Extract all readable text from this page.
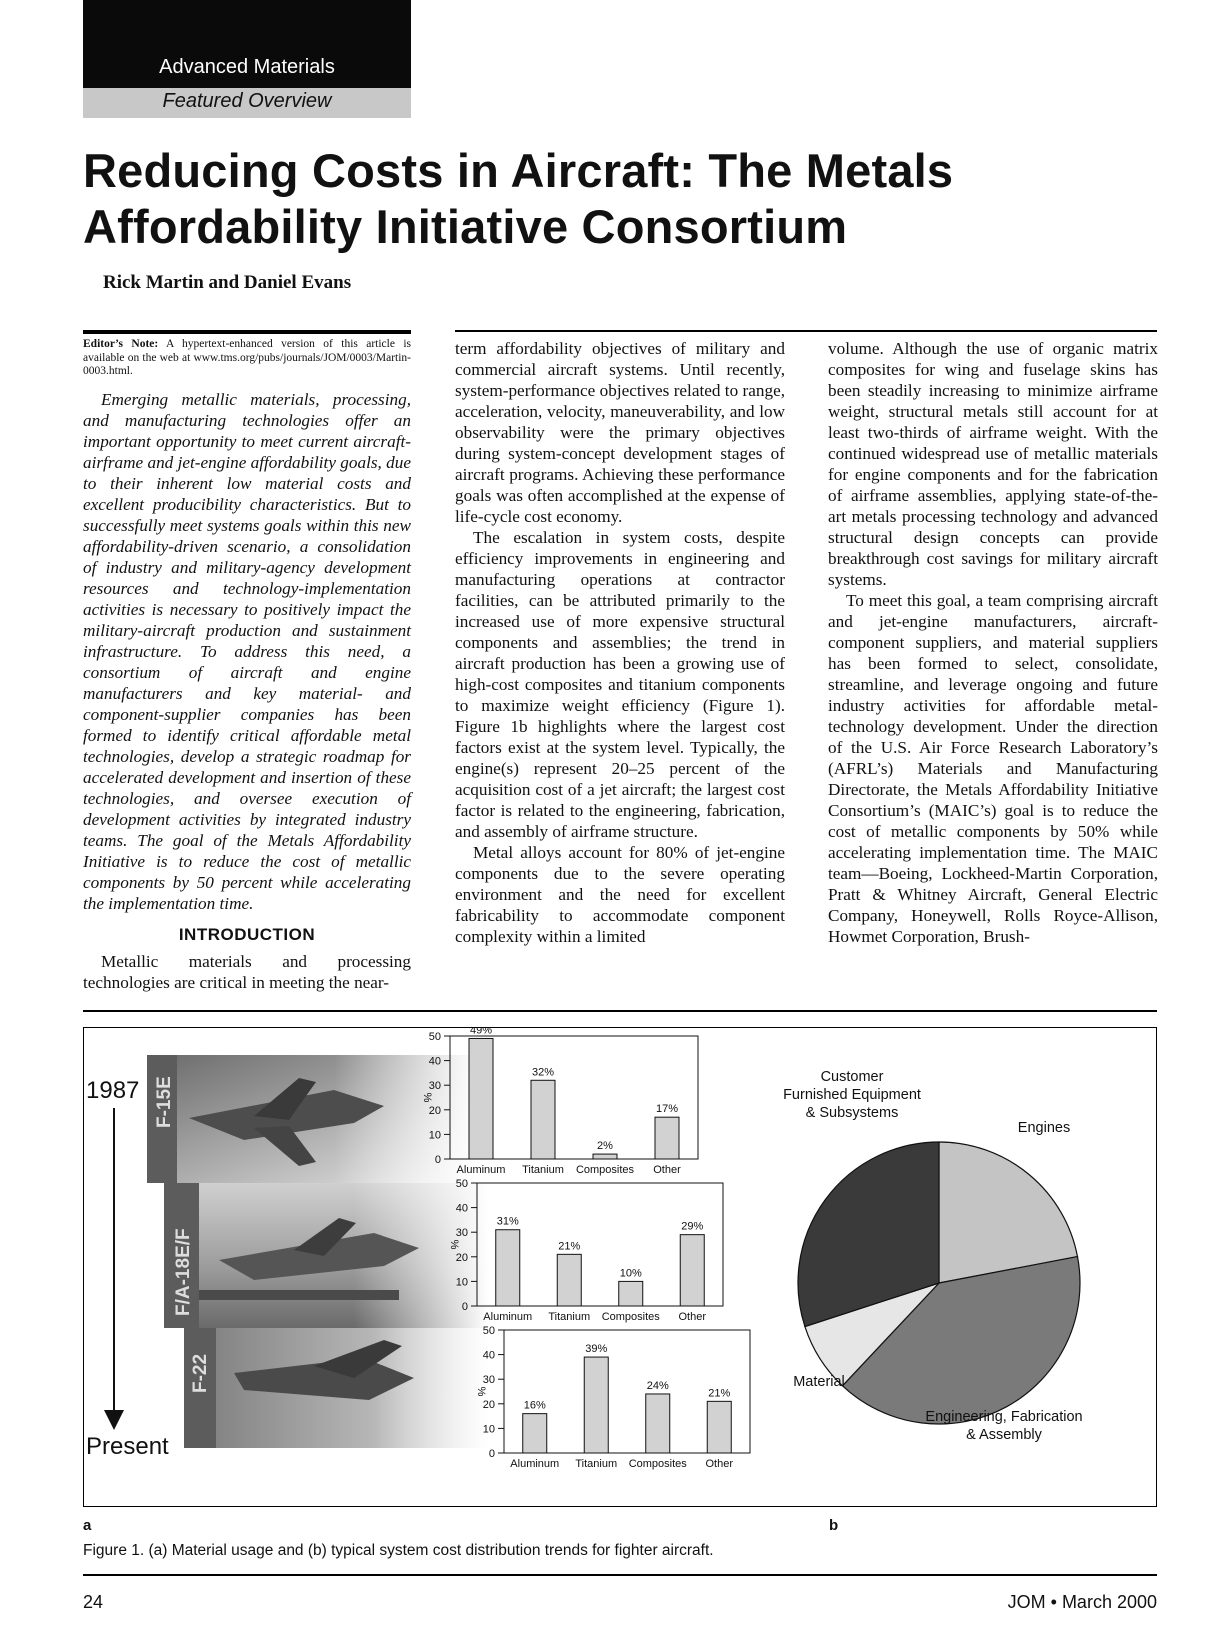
Advanced Materials
Featured Overview
Reducing Costs in Aircraft: The Metals Affordability Initiative Consortium
Rick Martin and Daniel Evans
Editor’s Note: A hypertext-enhanced version of this article is available on the web at www.tms.org/pubs/journals/JOM/0003/Martin-0003.html.

Emerging metallic materials, processing, and manufacturing technologies offer an important opportunity to meet current aircraft-airframe and jet-engine affordability goals, due to their inherent low material costs and excellent producibility characteristics. But to successfully meet systems goals within this new affordability-driven scenario, a consolidation of industry and military-agency development resources and technology-implementation activities is necessary to positively impact the military-aircraft production and sustainment infrastructure. To address this need, a consortium of aircraft and engine manufacturers and key material- and component-supplier companies has been formed to identify critical affordable metal technologies, develop a strategic roadmap for accelerated development and insertion of these technologies, and oversee execution of development activities by integrated industry teams. The goal of the Metals Affordability Initiative is to reduce the cost of metallic components by 50 percent while accelerating the implementation time.

INTRODUCTION

Metallic materials and processing technologies are critical in meeting the near-

term affordability objectives of military and commercial aircraft systems. Until recently, system-performance objectives related to range, acceleration, velocity, maneuverability, and low observability were the primary objectives during system-concept development stages of aircraft programs. Achieving these performance goals was often accomplished at the expense of life-cycle cost economy.

The escalation in system costs, despite efficiency improvements in engineering and manufacturing operations at contractor facilities, can be attributed primarily to the increased use of more expensive structural components and assemblies; the trend in aircraft production has been a growing use of high-cost composites and titanium components to maximize weight efficiency (Figure 1). Figure 1b highlights where the largest cost factors exist at the system level. Typically, the engine(s) represent 20–25 percent of the acquisition cost of a jet aircraft; the largest cost factor is related to the engineering, fabrication, and assembly of airframe structure.

Metal alloys account for 80% of jet-engine components due to the severe operating environment and the need for excellent fabricability to accommodate component complexity within a limited

volume. Although the use of organic matrix composites for wing and fuselage skins has been steadily increasing to minimize airframe weight, structural metals still account for at least two-thirds of airframe weight. With the continued widespread use of metallic materials for engine components and for the fabrication of airframe assemblies, applying state-of-the-art metals processing technology and advanced structural design concepts can provide breakthrough cost savings for military aircraft systems.

To meet this goal, a team comprising aircraft and jet-engine manufacturers, aircraft-component suppliers, and material suppliers has been formed to select, consolidate, streamline, and leverage ongoing and future industry activities for affordable metal-technology development. Under the direction of the U.S. Air Force Research Laboratory’s (AFRL’s) Materials and Manufacturing Directorate, the Metals Affordability Initiative Consortium’s (MAIC’s) goal is to reduce the cost of metallic components by 50% while accelerating implementation time. The MAIC team—Boeing, Lockheed-Martin Corporation, Pratt & Whitney Aircraft, General Electric Company, Honeywell, Rolls Royce-Allison, Howmet Corporation, Brush-

1987
Present
F-15E
F/A-18E/F
F-22
0
10
20
30
40
50
%
49%
Aluminum
32%
Titanium
2%
Composites
17%
Other
0
10
20
30
40
50
%
31%
Aluminum
21%
Titanium
10%
Composites
29%
Other
0
10
20
30
40
50
%
16%
Aluminum
39%
Titanium
24%
Composites
21%
Other
Engines
Engineering, Fabrication
& Assembly
Material
Customer
Furnished Equipment
& Subsystems
a	b
Figure 1. (a) Material usage and (b) typical system cost distribution trends for fighter aircraft.
24	JOM • March 2000
